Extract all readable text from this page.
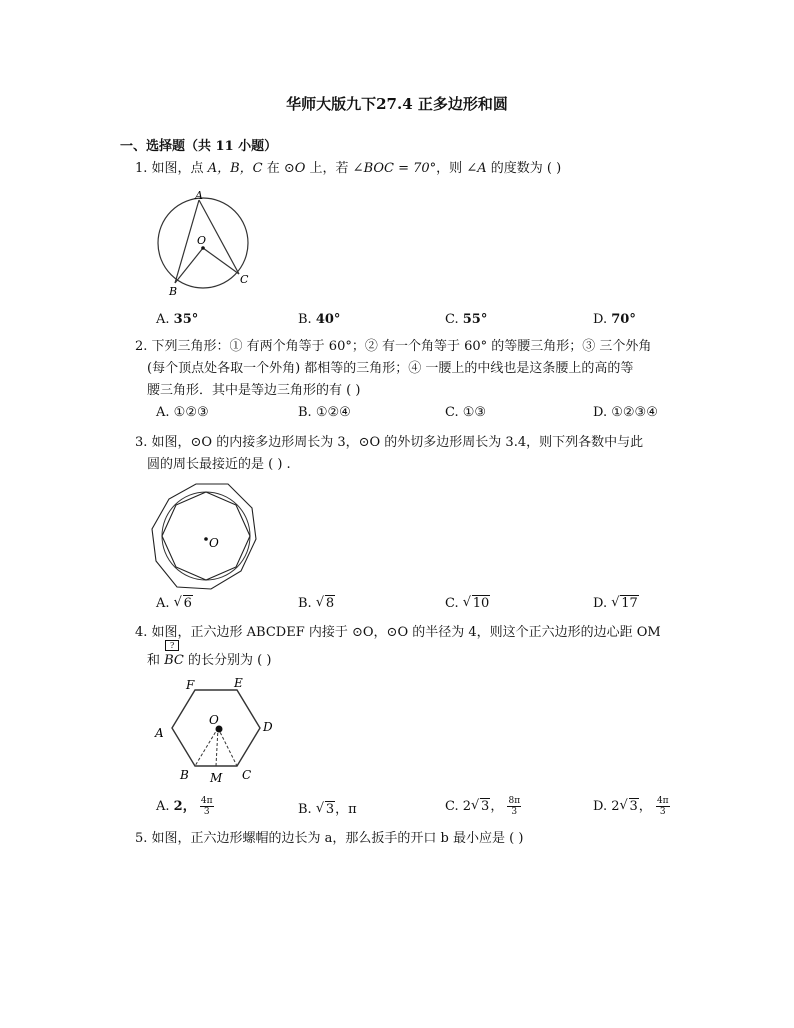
华师大版九下27.4 正多边形和圆
一、选择题（共 11 小题）
1. 如图，点 A，B，C 在 ⊙O 上，若 ∠BOC = 70°，则 ∠A 的度数为 ( )
A
O
B
C
A. 35°	B. 40°	C. 55°	D. 70°
2. 下列三角形：① 有两个角等于 60°；② 有一个角等于 60° 的等腰三角形；③ 三个外角
(每个顶点处各取一个外角) 都相等的三角形；④ 一腰上的中线也是这条腰上的高的等
腰三角形．其中是等边三角形的有 ( )
A. ①②③	B. ①②④	C. ①③	D. ①②③④
3. 如图，⊙O 的内接多边形周长为 3，⊙O 的外切多边形周长为 3.4，则下列各数中与此
圆的周长最接近的是 ( ) .
O
A. √ 6	B. √ 8	C. √ 10	D. √ 17
4. 如图，正六边形 ABCDEF 内接于 ⊙O，⊙O 的半径为 4，则这个正六边形的边心距 OM
和
?
BC 的长分别为 ( )
F	E
A
O	D
B M C
A. 2， $\frac{4\pi}{3}$	B. √ 3，π	C. 2 √ 3， $\frac{8\pi}{3}$	D. 2 √ 3， $\frac{4\pi}{3}$
5. 如图，正六边形螺帽的边长为 a，那么扳手的开口 b 最小应是 ( )
